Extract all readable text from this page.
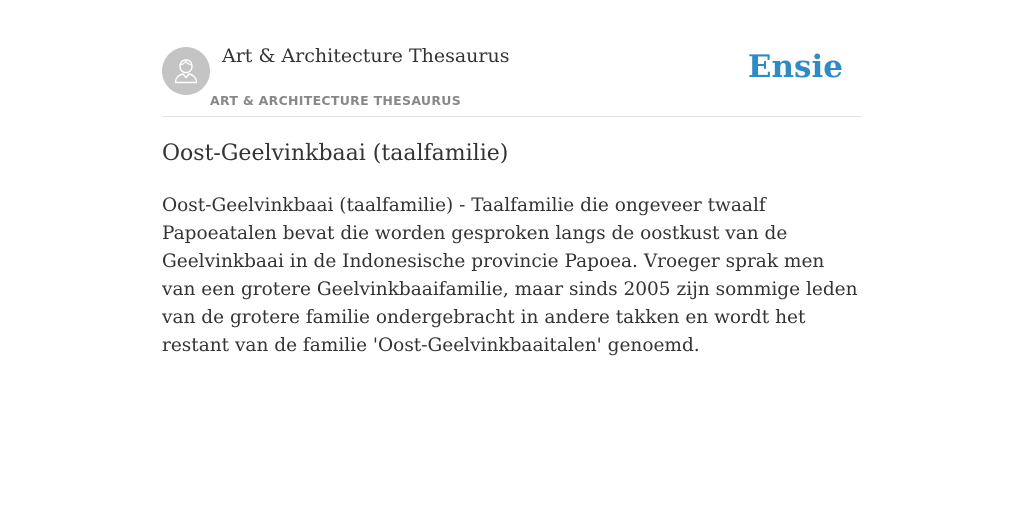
Art & Architecture Thesaurus
ART & ARCHITECTURE THESAURUS
Ensie
Oost-Geelvinkbaai (taalfamilie)

Oost-Geelvinkbaai (taalfamilie) - Taalfamilie die ongeveer twaalf Papoeatalen bevat die worden gesproken langs de oostkust van de Geelvinkbaai in de Indonesische provincie Papoea. Vroeger sprak men van een grotere Geelvinkbaaifamilie, maar sinds 2005 zijn sommige leden van de grotere familie ondergebracht in andere takken en wordt het restant van de familie 'Oost-Geelvinkbaaitalen' genoemd.
